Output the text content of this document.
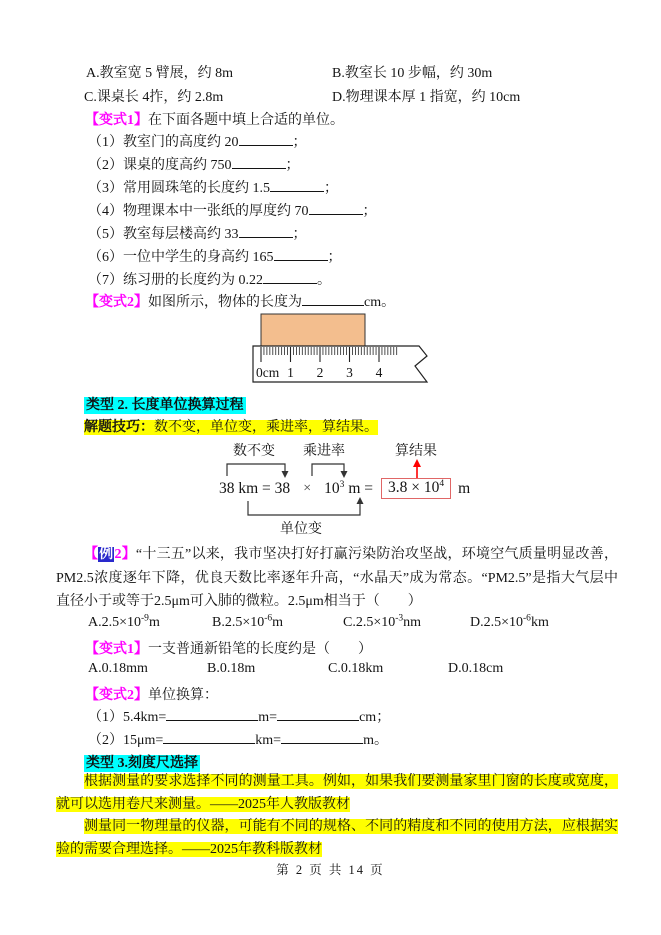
A.教室宽 5 臂展，约 8m	B.教室长 10 步幅，约 30m
C.课桌长 4拃，约 2.8m	D.物理课本厚 1 指宽，约 10cm
【变式1】在下面各题中填上合适的单位。
（1）教室门的高度约 20	；
（2）课桌的度高约 750	；
（3）常用圆珠笔的长度约 1.5	；
（4）物理课本中一张纸的厚度约 70	；
（5）教室每层楼高约 33	；
（6）一位中学生的身高约 165	；
（7）练习册的长度约为 0.22	。
【变式2】如图所示，物体的长度为	cm。
0cm 1 2 3 4
类型 2. 长度单位换算过程
解题技巧：数不变，单位变，乘进率，算结果。
数不变 乘进率	算结果
38 km = $38 \times 10^3$ $m = 3.8 \times 10^4$ m
单位变
【例2】“十三五”以来，我市坚决打好打赢污染防治攻坚战，环境空气质量明显改善，PM2.5浓度逐年下降，优良天数比率逐年升高，“水晶天”成为常态。“PM2.5”是指大气层中直径小于或等于2.5μm可入肺的微粒。2.5μm相当于（　　）
$A.2.5\times 10^{-9}m$	$B.2.5\times 10^{-6}m$	$C.2.5\times 10^{-3}nm$	$D.2.5\times 10^{-6}km$
【变式1】一支普通新铅笔的长度约是（　　）
A.0.18mm	B.0.18m	C.0.18km	D.0.18cm
【变式2】单位换算：
（1）5.4km=	m=	cm；
（2）15μm=	km=	m。
类型 3.刻度尺选择
根据测量的要求选择不同的测量工具。例如，如果我们要测量家里门窗的长度或宽度，就可以选用卷尺来测量。——2025年人教版教材
测量同一物理量的仪器，可能有不同的规格、不同的精度和不同的使用方法，应根据实验的需要合理选择。——2025年教科版教材
第 2 页 共 14 页
